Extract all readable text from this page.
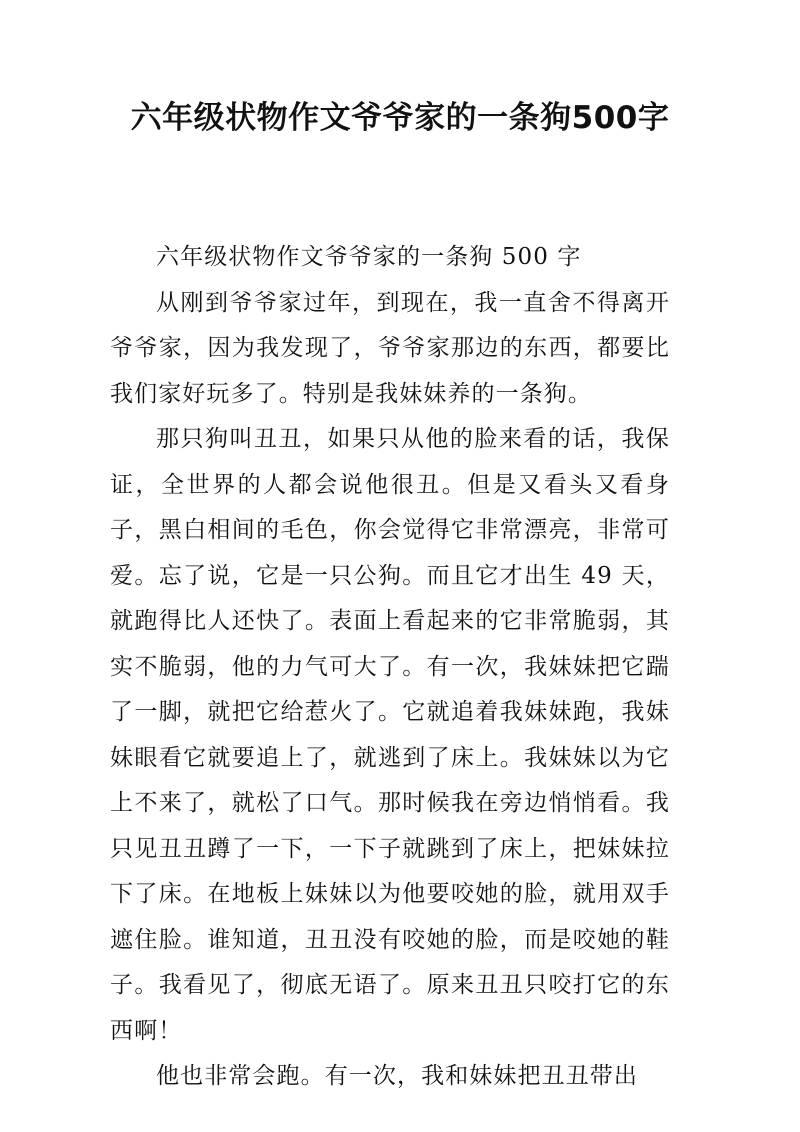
六年级状物作文爷爷家的一条狗500字

六年级状物作文爷爷家的一条狗 500 字

从刚到爷爷家过年，到现在，我一直舍不得离开爷爷家，因为我发现了，爷爷家那边的东西，都要比我们家好玩多了。特别是我妹妹养的一条狗。

那只狗叫丑丑，如果只从他的脸来看的话，我保证，全世界的人都会说他很丑。但是又看头又看身子，黑白相间的毛色，你会觉得它非常漂亮，非常可爱。忘了说，它是一只公狗。而且它才出生 49 天，就跑得比人还快了。表面上看起来的它非常脆弱，其实不脆弱，他的力气可大了。有一次，我妹妹把它踹了一脚，就把它给惹火了。它就追着我妹妹跑，我妹妹眼看它就要追上了，就逃到了床上。我妹妹以为它上不来了，就松了口气。那时候我在旁边悄悄看。我只见丑丑蹲了一下，一下子就跳到了床上，把妹妹拉下了床。在地板上妹妹以为他要咬她的脸，就用双手遮住脸。谁知道，丑丑没有咬她的脸，而是咬她的鞋子。我看见了，彻底无语了。原来丑丑只咬打它的东西啊！

他也非常会跑。有一次，我和妹妹把丑丑带出
